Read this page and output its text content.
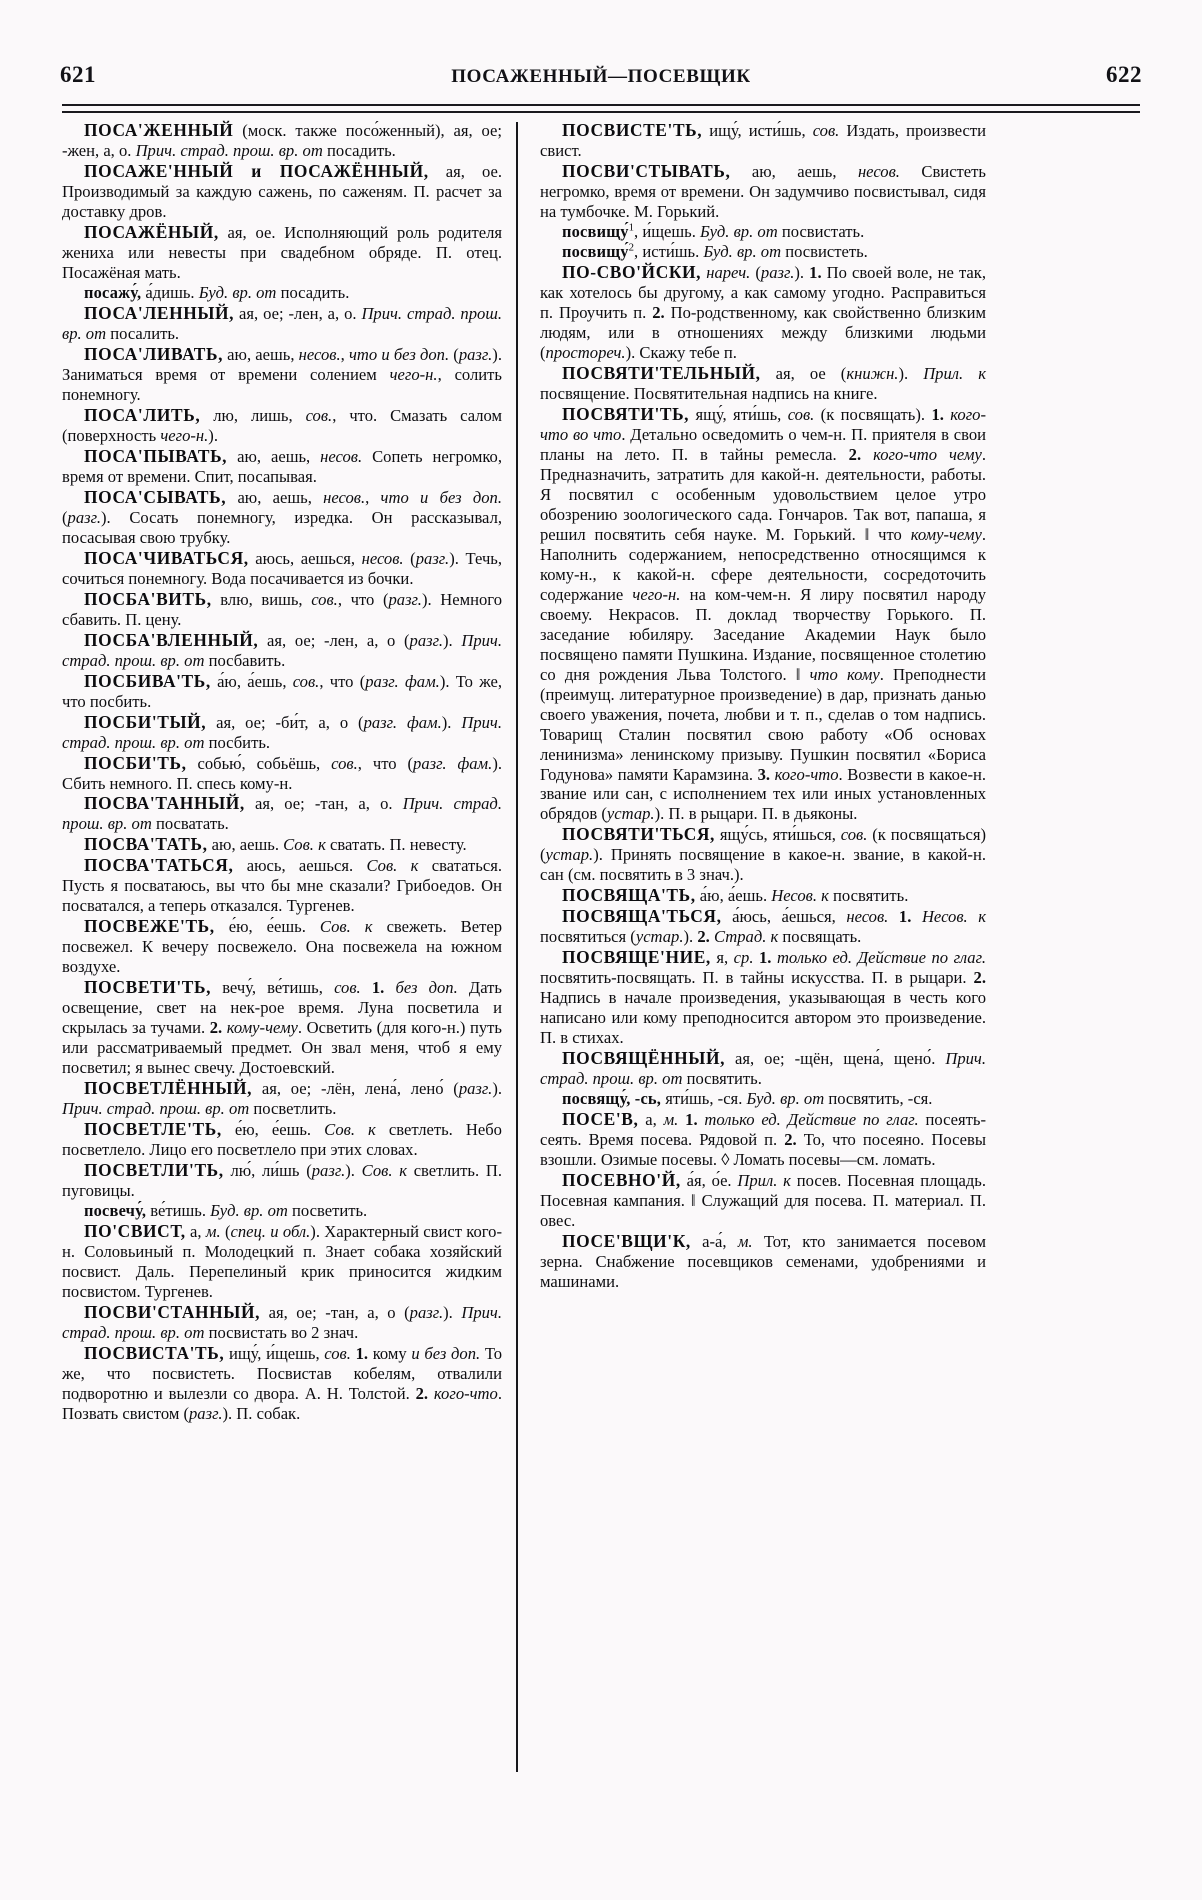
621	ПОСАЖЕННЫЙ—ПОСЕВЩИК	622

ПОСА'ЖЕННЫЙ (моск. также посо́женный), ая, ое; -жен, а, о. Прич. страд. прош. вр. от посадить.

ПОСАЖЕ'ННЫЙ и ПОСАЖЁННЫЙ, ая, ое. Производимый за каждую сажень, по саженям. П. расчет за доставку дров.

ПОСАЖЁНЫЙ, ая, ое. Исполняющий роль родителя жениха или невесты при свадебном обряде. П. отец. Посажёная мать.

посажу́, а́дишь. Буд. вр. от посадить.

ПОСА'ЛЕННЫЙ, ая, ое; -лен, а, о. Прич. страд. прош. вр. от посалить.

ПОСА'ЛИВАТЬ, аю, аешь, несов., что и без доп. (разг.). Заниматься время от времени солением чего-н., солить понемногу.

ПОСА'ЛИТЬ, лю, лишь, сов., что. Смазать салом (поверхность чего-н.).

ПОСА'ПЫВАТЬ, аю, аешь, несов. Сопеть негромко, время от времени. Спит, посапывая.

ПОСА'СЫВАТЬ, аю, аешь, несов., что и без доп. (разг.). Сосать понемногу, изредка. Он рассказывал, посасывая свою трубку.

ПОСА'ЧИВАТЬСЯ, аюсь, аешься, несов. (разг.). Течь, сочиться понемногу. Вода посачивается из бочки.

ПОСБА'ВИТЬ, влю, вишь, сов., что (разг.). Немного сбавить. П. цену.

ПОСБА'ВЛЕННЫЙ, ая, ое; -лен, а, о (разг.). Прич. страд. прош. вр. от посбавить.

ПОСБИВА'ТЬ, а́ю, а́ешь, сов., что (разг. фам.). То же, что посбить.

ПОСБИ'ТЫЙ, ая, ое; -би́т, а, о (разг. фам.). Прич. страд. прош. вр. от посбить.

ПОСБИ'ТЬ, собью́, собьёшь, сов., что (разг. фам.). Сбить немного. П. спесь кому-н.

ПОСВА'ТАННЫЙ, ая, ое; -тан, а, о. Прич. страд. прош. вр. от посватать.

ПОСВА'ТАТЬ, аю, аешь. Сов. к сватать. П. невесту.

ПОСВА'ТАТЬСЯ, аюсь, аешься. Сов. к свататься. Пусть я посватаюсь, вы что бы мне сказали? Грибоедов. Он посватался, а теперь отказался. Тургенев.

ПОСВЕЖЕ'ТЬ, е́ю, е́ешь. Сов. к свежеть. Ветер посвежел. К вечеру посвежело. Она посвежела на южном воздухе.

ПОСВЕТИ'ТЬ, вечу́, ве́тишь, сов. 1. без доп. Дать освещение, свет на нек-рое время. Луна посветила и скрылась за тучами. 2. кому-чему. Осветить (для кого-н.) путь или рассматриваемый предмет. Он звал меня, чтоб я ему посветил; я вынес свечу. Достоевский.

ПОСВЕТЛЁННЫЙ, ая, ое; -лён, лена́, лено́ (разг.). Прич. страд. прош. вр. от посветлить.

ПОСВЕТЛЕ'ТЬ, е́ю, е́ешь. Сов. к светлеть. Небо посветлело. Лицо его посветлело при этих словах.

ПОСВЕТЛИ'ТЬ, лю́, ли́шь (разг.). Сов. к светлить. П. пуговицы.

посвечу́, ве́тишь. Буд. вр. от посветить.

ПО'СВИСТ, а, м. (спец. и обл.). Характерный свист кого-н. Соловьиный п. Молодецкий п. Знает собака хозяйский посвист. Даль. Перепелиный крик приносится жидким посвистом. Тургенев.

ПОСВИ'СТАННЫЙ, ая, ое; -тан, а, о (разг.). Прич. страд. прош. вр. от посвистать во 2 знач.

ПОСВИСТА'ТЬ, ищу́, и́щешь, сов. 1. кому и без доп. То же, что посвистеть. Посвистав кобелям, отвалили подворотню и вылезли со двора. А. Н. Толстой. 2. кого-что. Позвать свистом (разг.). П. собак.

ПОСВИСТЕ'ТЬ, ищу́, исти́шь, сов. Издать, произвести свист.

ПОСВИ'СТЫВАТЬ, аю, аешь, несов. Свистеть негромко, время от времени. Он задумчиво посвистывал, сидя на тумбочке. М. Горький.

посвищу́$^1$, и́щешь. Буд. вр. от посвистать.

посвищу́$^2$, исти́шь. Буд. вр. от посвистеть.

ПО-СВО'ЙСКИ, нареч. (разг.). 1. По своей воле, не так, как хотелось бы другому, а как самому угодно. Расправиться п. Проучить п. 2. По-родственному, как свойственно близким людям, или в отношениях между близкими людьми (простореч.). Скажу тебе п.

ПОСВЯТИ'ТЕЛЬНЫЙ, ая, ое (книжн.). Прил. к посвящение. Посвятительная надпись на книге.

ПОСВЯТИ'ТЬ, ящу́, яти́шь, сов. (к посвящать). 1. кого-что во что. Детально осведомить о чем-н. П. приятеля в свои планы на лето. П. в тайны ремесла. 2. кого-что чему. Предназначить, затратить для какой-н. деятельности, работы. Я посвятил с особенным удовольствием целое утро обозрению зоологического сада. Гончаров. Так вот, папаша, я решил посвятить себя науке. М. Горький. ‖ что кому-чему. Наполнить содержанием, непосредственно относящимся к кому-н., к какой-н. сфере деятельности, сосредоточить содержание чего-н. на ком-чем-н. Я лиру посвятил народу своему. Некрасов. П. доклад творчеству Горького. П. заседание юбиляру. Заседание Академии Наук было посвящено памяти Пушкина. Издание, посвященное столетию со дня рождения Льва Толстого. ‖ что кому. Преподнести (преимущ. литературное произведение) в дар, признать данью своего уважения, почета, любви и т. п., сделав о том надпись. Товарищ Сталин посвятил свою работу «Об основах ленинизма» ленинскому призыву. Пушкин посвятил «Бориса Годунова» памяти Карамзина. 3. кого-что. Возвести в какое-н. звание или сан, с исполнением тех или иных установленных обрядов (устар.). П. в рыцари. П. в дьяконы.

ПОСВЯТИ'ТЬСЯ, ящу́сь, яти́шься, сов. (к посвящаться) (устар.). Принять посвящение в какое-н. звание, в какой-н. сан (см. посвятить в 3 знач.).

ПОСВЯЩА'ТЬ, а́ю, а́ешь. Несов. к посвятить.

ПОСВЯЩА'ТЬСЯ, а́юсь, а́ешься, несов. 1. Несов. к посвятиться (устар.). 2. Страд. к посвящать.

ПОСВЯЩЕ'НИЕ, я, ср. 1. только ед. Действие по глаг. посвятить-посвящать. П. в тайны искусства. П. в рыцари. 2. Надпись в начале произведения, указывающая в честь кого написано или кому преподносится автором это произведение. П. в стихах.

ПОСВЯЩЁННЫЙ, ая, ое; -щён, щена́, щено́. Прич. страд. прош. вр. от посвятить.

посвящу́, -сь, яти́шь, -ся. Буд. вр. от посвятить, -ся.

ПОСЕ'В, а, м. 1. только ед. Действие по глаг. посеять-сеять. Время посева. Рядовой п. 2. То, что посеяно. Посевы взошли. Озимые посевы. ◊ Ломать посевы—см. ломать.

ПОСЕВНО'Й, а́я, о́е. Прил. к посев. Посевная площадь. Посевная кампания. ‖ Служащий для посева. П. материал. П. овес.

ПОСЕ'ВЩИ'К, а-а́, м. Тот, кто занимается посевом зерна. Снабжение посевщиков семенами, удобрениями и машинами.
